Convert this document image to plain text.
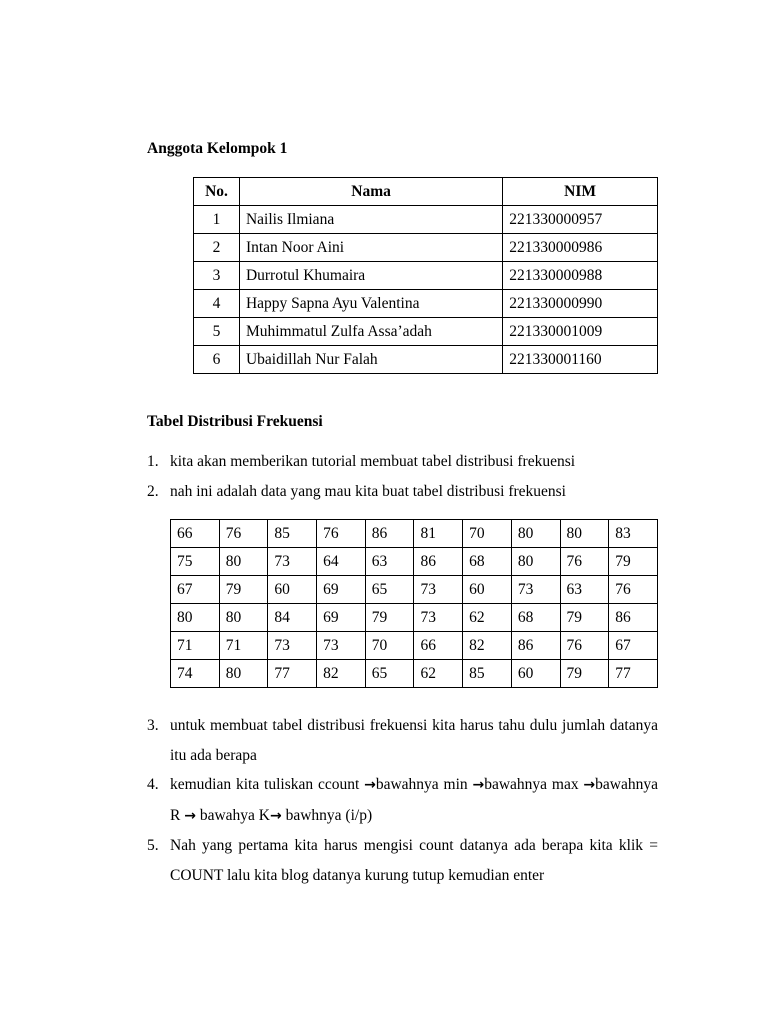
Anggota Kelompok 1
No.	Nama	NIM
1	Nailis Ilmiana	221330000957
2	Intan Noor Aini	221330000986
3	Durrotul Khumaira	221330000988
4	Happy Sapna Ayu Valentina	221330000990
5	Muhimmatul Zulfa Assa’adah	221330001009
6	Ubaidillah Nur Falah	221330001160
Tabel Distribusi Frekuensi
1. kita akan memberikan tutorial membuat tabel distribusi frekuensi
2. nah ini adalah data yang mau kita buat tabel distribusi frekuensi
66	76	85	76	86	81	70	80	80	83
75	80	73	64	63	86	68	80	76	79
67	79	60	69	65	73	60	73	63	76
80	80	84	69	79	73	62	68	79	86
71	71	73	73	70	66	82	86	76	67
74	80	77	82	65	62	85	60	79	77
3. untuk membuat tabel distribusi frekuensi kita harus tahu dulu jumlah datanya itu ada berapa
4. kemudian kita tuliskan ccount →bawahnya min →bawahnya max →bawahnya R → bawahya K→ bawhnya (i/p)
5. Nah yang pertama kita harus mengisi count datanya ada berapa kita klik = COUNT lalu kita blog datanya kurung tutup kemudian enter
